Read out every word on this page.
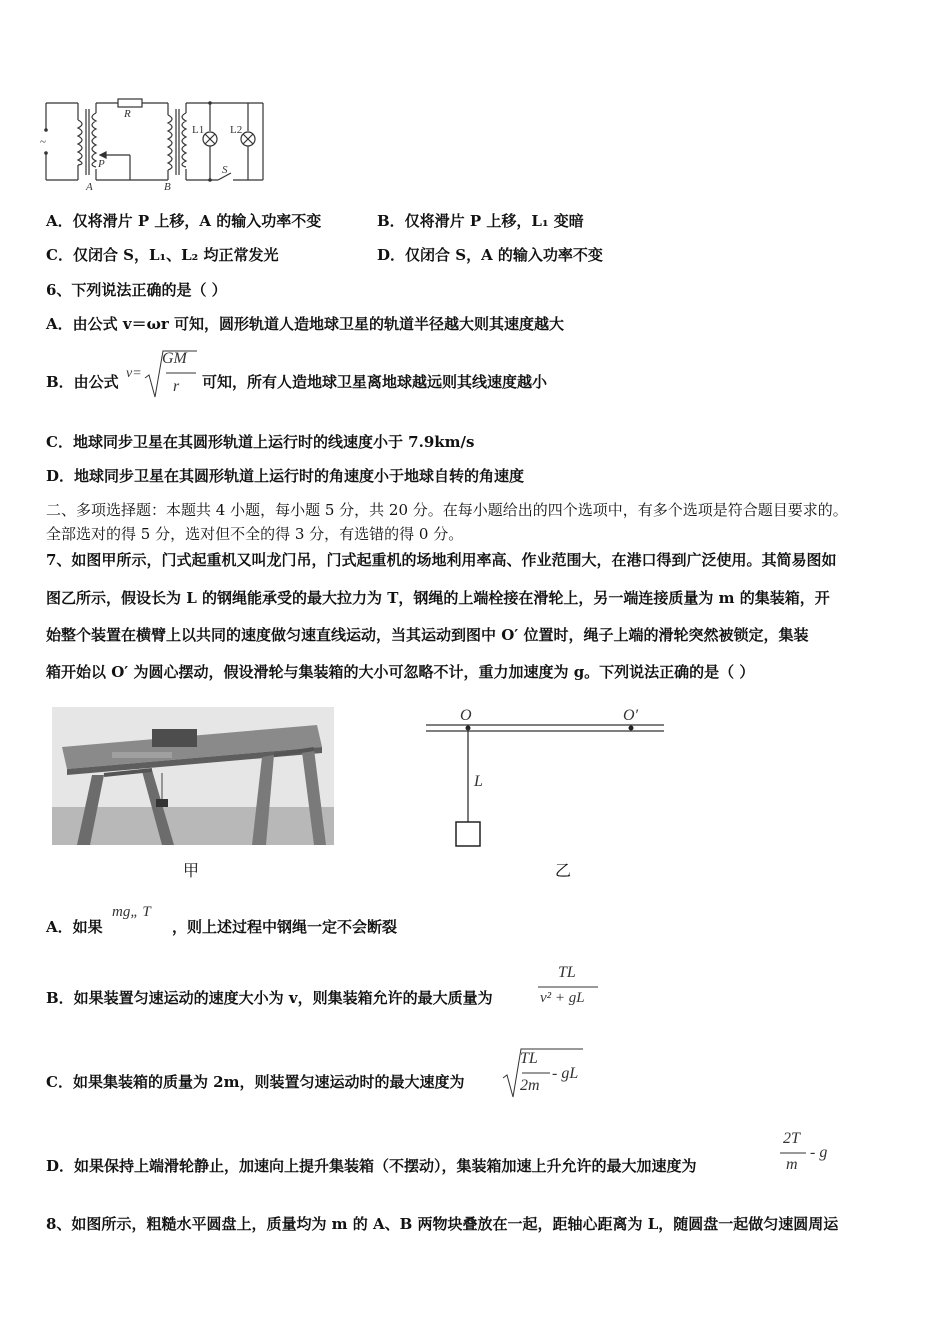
R
P
A	B
L1 L2
S
~
A．仅将滑片 P 上移，A 的输入功率不变	B．仅将滑片 P 上移，L₁ 变暗
C．仅闭合 S，L₁、L₂ 均正常发光	D．仅闭合 S，A 的输入功率不变
6、下列说法正确的是（ ）
A．由公式 v＝ωr 可知，圆形轨道人造地球卫星的轨道半径越大则其速度越大
B．由公式 v=
GM
r 可知，所有人造地球卫星离地球越远则其线速度越小
C．地球同步卫星在其圆形轨道上运行时的线速度小于 7.9km/s
D．地球同步卫星在其圆形轨道上运行时的角速度小于地球自转的角速度
二、多项选择题：本题共 4 小题，每小题 5 分，共 20 分。在每小题给出的四个选项中，有多个选项是符合题目要求的。
全部选对的得 5 分，选对但不全的得 3 分，有选错的得 0 分。
7、如图甲所示，门式起重机又叫龙门吊，门式起重机的场地利用率高、作业范围大，在港口得到广泛使用。其简易图如
图乙所示，假设长为 L 的钢绳能承受的最大拉力为 T，钢绳的上端栓接在滑轮上，另一端连接质量为 m 的集装箱，开
始整个装置在横臂上以共同的速度做匀速直线运动，当其运动到图中 O′ 位置时，绳子上端的滑轮突然被锁定，集装
箱开始以 O′ 为圆心摆动，假设滑轮与集装箱的大小可忽略不计，重力加速度为 g。下列说法正确的是（ ）
甲
O	O′
L
乙
A．如果
mg„ T
，则上述过程中钢绳一定不会断裂
B．如果装置匀速运动的速度大小为 v，则集装箱允许的最大质量为
TL
v² + gL
C．如果集装箱的质量为 2m，则装置匀速运动时的最大速度为
TL
2m
- gL
D．如果保持上端滑轮静止，加速向上提升集装箱（不摆动），集装箱加速上升允许的最大加速度为
2T
m
- g
8、如图所示，粗糙水平圆盘上，质量均为 m 的 A、B 两物块叠放在一起，距轴心距离为 L，随圆盘一起做匀速圆周运
